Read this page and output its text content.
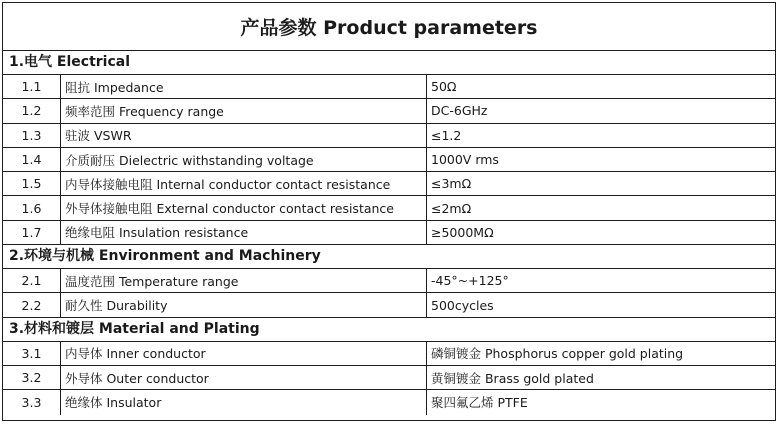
产品参数 Product parameters
1.电气 Electrical
1.1	阻抗 Impedance	50Ω
1.2	频率范围 Frequency range	DC-6GHz
1.3	驻波 VSWR	≤1.2
1.4	介质耐压 Dielectric withstanding voltage	1000V rms
1.5	内导体接触电阻 Internal conductor contact resistance	≤3mΩ
1.6	外导体接触电阻 External conductor contact resistance	≤2mΩ
1.7	绝缘电阻 Insulation resistance	≥5000MΩ
2.环境与机械 Environment and Machinery
2.1	温度范围 Temperature range	-45°~+125°
2.2	耐久性 Durability	500cycles
3.材料和镀层 Material and Plating
3.1	内导体 Inner conductor	磷铜镀金 Phosphorus copper gold plating
3.2	外导体 Outer conductor	黄铜镀金 Brass gold plated
3.3	绝缘体 Insulator	聚四氟乙烯 PTFE
